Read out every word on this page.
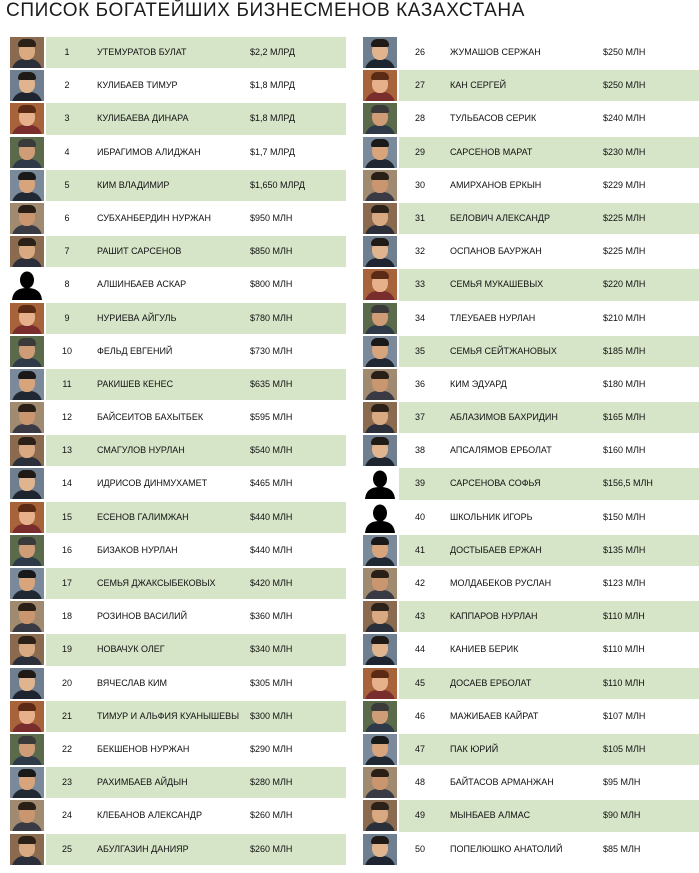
СПИСОК БОГАТЕЙШИХ БИЗНЕСМЕНОВ КАЗАХСТАНА
1	УТЕМУРАТОВ БУЛАТ	$2,2 МЛРД
2	КУЛИБАЕВ ТИМУР	$1,8 МЛРД
3	КУЛИБАЕВА ДИНАРА	$1,8 МЛРД
4	ИБРАГИМОВ АЛИДЖАН	$1,7 МЛРД
5	КИМ ВЛАДИМИР	$1,650 МЛРД
6	СУБХАНБЕРДИН НУРЖАН	$950 МЛН
7	РАШИТ САРСЕНОВ	$850 МЛН
8	АЛШИНБАЕВ АСКАР	$800 МЛН
9	НУРИЕВА АЙГУЛЬ	$780 МЛН
10	ФЕЛЬД ЕВГЕНИЙ	$730 МЛН
11	РАКИШЕВ КЕНЕС	$635 МЛН
12	БАЙСЕИТОВ БАХЫТБЕК	$595 МЛН
13	СМАГУЛОВ НУРЛАН	$540 МЛН
14	ИДРИСОВ ДИНМУХАМЕТ	$465 МЛН
15	ЕСЕНОВ ГАЛИМЖАН	$440 МЛН
16	БИЗАКОВ НУРЛАН	$440 МЛН
17	СЕМЬЯ ДЖАКСЫБЕКОВЫХ	$420 МЛН
18	РОЗИНОВ ВАСИЛИЙ	$360 МЛН
19	НОВАЧУК ОЛЕГ	$340 МЛН
20	ВЯЧЕСЛАВ КИМ	$305 МЛН
21	ТИМУР И АЛЬФИЯ КУАНЫШЕВЫ $300 МЛН
22	БЕКШЕНОВ НУРЖАН	$290 МЛН
23	РАХИМБАЕВ АЙДЫН	$280 МЛН
24	КЛЕБАНОВ АЛЕКСАНДР	$260 МЛН
25	АБУЛГАЗИН ДАНИЯР	$260 МЛН
26	ЖУМАШОВ СЕРЖАН	$250 МЛН
27	КАН СЕРГЕЙ	$250 МЛН
28	ТУЛЬБАСОВ СЕРИК	$240 МЛН
29	САРСЕНОВ МАРАТ	$230 МЛН
30	АМИРХАНОВ ЕРКЫН	$229 МЛН
31	БЕЛОВИЧ АЛЕКСАНДР	$225 МЛН
32	ОСПАНОВ БАУРЖАН	$225 МЛН
33	СЕМЬЯ МУКАШЕВЫХ	$220 МЛН
34	ТЛЕУБАЕВ НУРЛАН	$210 МЛН
35	СЕМЬЯ СЕЙТЖАНОВЫХ	$185 МЛН
36	КИМ ЭДУАРД	$180 МЛН
37	АБЛАЗИМОВ БАХРИДИН	$165 МЛН
38	АПСАЛЯМОВ ЕРБОЛАТ	$160 МЛН
39	САРСЕНОВА СОФЬЯ	$156,5 МЛН
40	ШКОЛЬНИК ИГОРЬ	$150 МЛН
41	ДОСТЫБАЕВ ЕРЖАН	$135 МЛН
42	МОЛДАБЕКОВ РУСЛАН	$123 МЛН
43	КАППАРОВ НУРЛАН	$110 МЛН
44	КАНИЕВ БЕРИК	$110 МЛН
45	ДОСАЕВ ЕРБОЛАТ	$110 МЛН
46	МАЖИБАЕВ КАЙРАТ	$107 МЛН
47	ПАК ЮРИЙ	$105 МЛН
48	БАЙТАСОВ АРМАНЖАН	$95 МЛН
49	МЫНБАЕВ АЛМАС	$90 МЛН
50	ПОПЕЛЮШКО АНАТОЛИЙ	$85 МЛН
